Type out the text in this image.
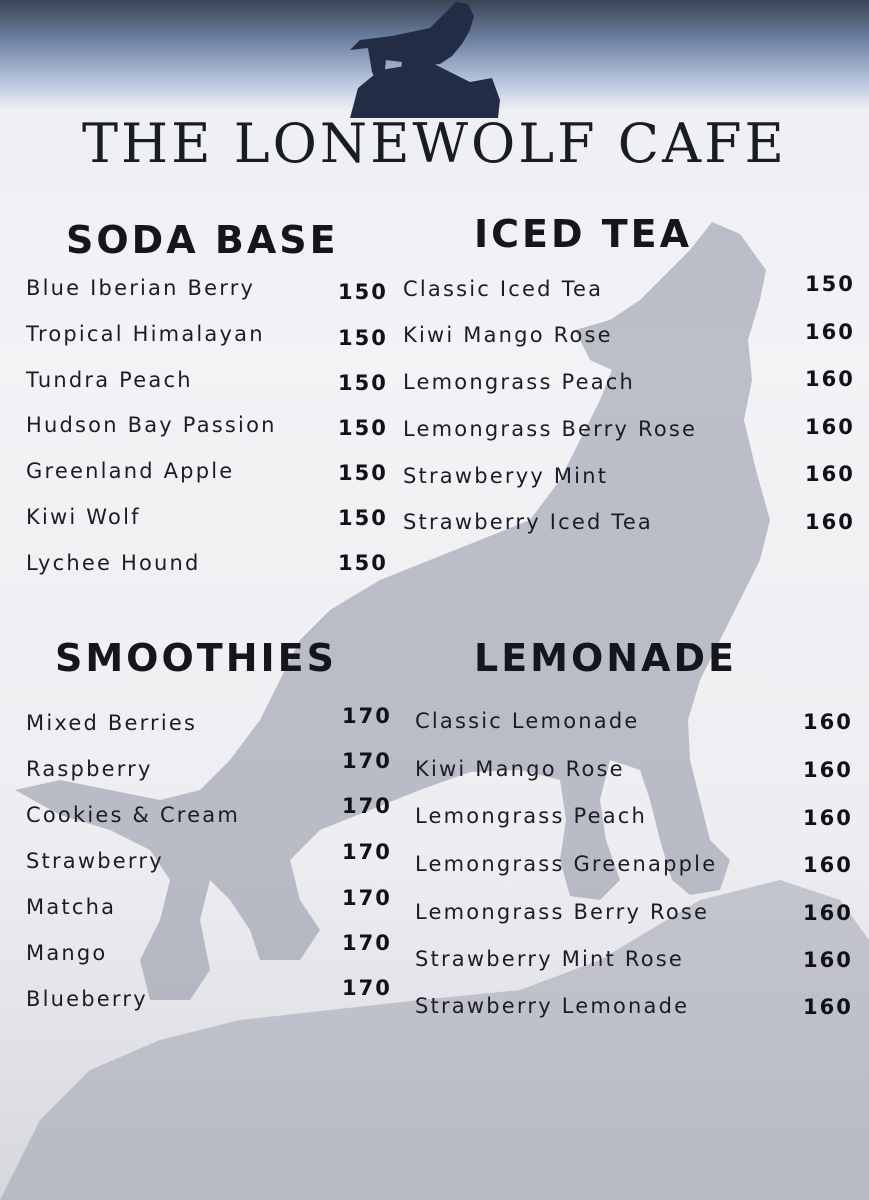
THE LONEWOLF CAFE
SODA BASE
Blue Iberian Berry	150
Tropical Himalayan	150
Tundra Peach	150
Hudson Bay Passion	150
Greenland Apple	150
Kiwi Wolf	150
Lychee Hound	150
ICED TEA
Classic Iced Tea	150
Kiwi Mango Rose	160
Lemongrass Peach	160
Lemongrass Berry Rose	160
Strawberyy Mint	160
Strawberry Iced Tea	160
SMOOTHIES
Mixed Berries	170
Raspberry	170
Cookies & Cream	170
Strawberry	170
Matcha	170
Mango	170
Blueberry	170
LEMONADE
Classic Lemonade	160
Kiwi Mango Rose	160
Lemongrass Peach	160
Lemongrass Greenapple	160
Lemongrass Berry Rose	160
Strawberry Mint Rose	160
Strawberry Lemonade	160
